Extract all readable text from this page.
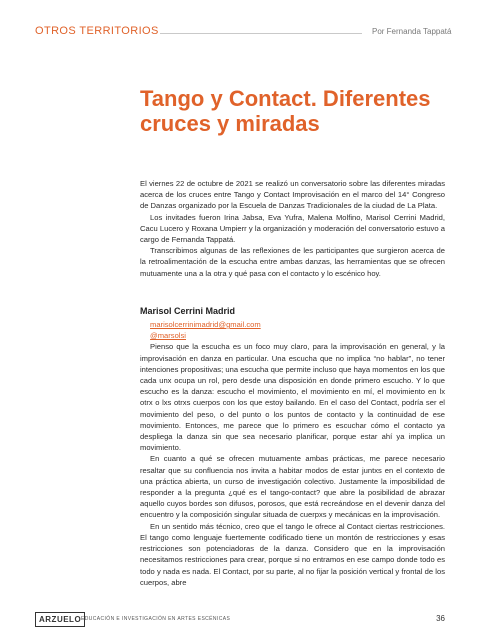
OTROS TERRITORIOS	Por Fernanda Tappatá
Tango y Contact. Diferentes cruces y miradas

El viernes 22 de octubre de 2021 se realizó un conversatorio sobre las diferentes miradas acerca de los cruces entre Tango y Contact Improvisación en el marco del 14° Congreso de Danzas organizado por la Escuela de Danzas Tradicionales de la ciudad de La Plata.

Los invitades fueron Irina Jabsa, Eva Yufra, Malena Molfino, Marisol Cerrini Madrid, Cacu Lucero y Roxana Umpierr y la organización y moderación del conversatorio estuvo a cargo de Fernanda Tappatá.

Transcribimos algunas de las reflexiones de les participantes que surgieron acerca de la retroalimentación de la escucha entre ambas danzas, las herramientas que se ofrecen mutuamente una a la otra y qué pasa con el contacto y lo escénico hoy.

Marisol Cerrini Madrid

marisolcerrinimadrid@gmail.com
@marsolsi

Pienso que la escucha es un foco muy claro, para la improvisación en general, y la improvisación en danza en particular. Una escucha que no implica “no hablar”, no tener intenciones propositivas; una escucha que permite incluso que haya momentos en los que cada unx ocupa un rol, pero desde una disposición en donde primero escucho. Y lo que escucho es la danza: escucho el movimiento, el movimiento en mí, el movimiento en lx otrx o lxs otrxs cuerpos con los que estoy bailando. En el caso del Contact, podría ser el movimiento del peso, o del punto o los puntos de contacto y la continuidad de ese movimiento. Entonces, me parece que lo primero es escuchar cómo el contacto ya despliega la danza sin que sea necesario planificar, porque estar ahí ya implica un movimiento.

En cuanto a qué se ofrecen mutuamente ambas prácticas, me parece necesario resaltar que su confluencia nos invita a habitar modos de estar juntxs en el contexto de una práctica abierta, un curso de investigación colectivo. Justamente la imposibilidad de responder a la pregunta ¿qué es el tango-contact? que abre la posibilidad de abrazar aquello cuyos bordes son difusos, porosos, que está recreándose en el devenir danza del encuentro y la composición singular situada de cuerpxs y mecánicas en la improvisación.

En un sentido más técnico, creo que el tango le ofrece al Contact ciertas restricciones. El tango como lenguaje fuertemente codificado tiene un montón de restricciones y esas restricciones son potenciadoras de la danza. Considero que en la improvisación necesitamos restricciones para crear, porque si no entramos en ese campo donde todo es todo y nada es nada. El Contact, por su parte, al no fijar la posición vertical y frontal de los cuerpos, abre

ARZUELO EDUCACIÓN E INVESTIGACIÓN EN ARTES ESCÉNICAS	36
